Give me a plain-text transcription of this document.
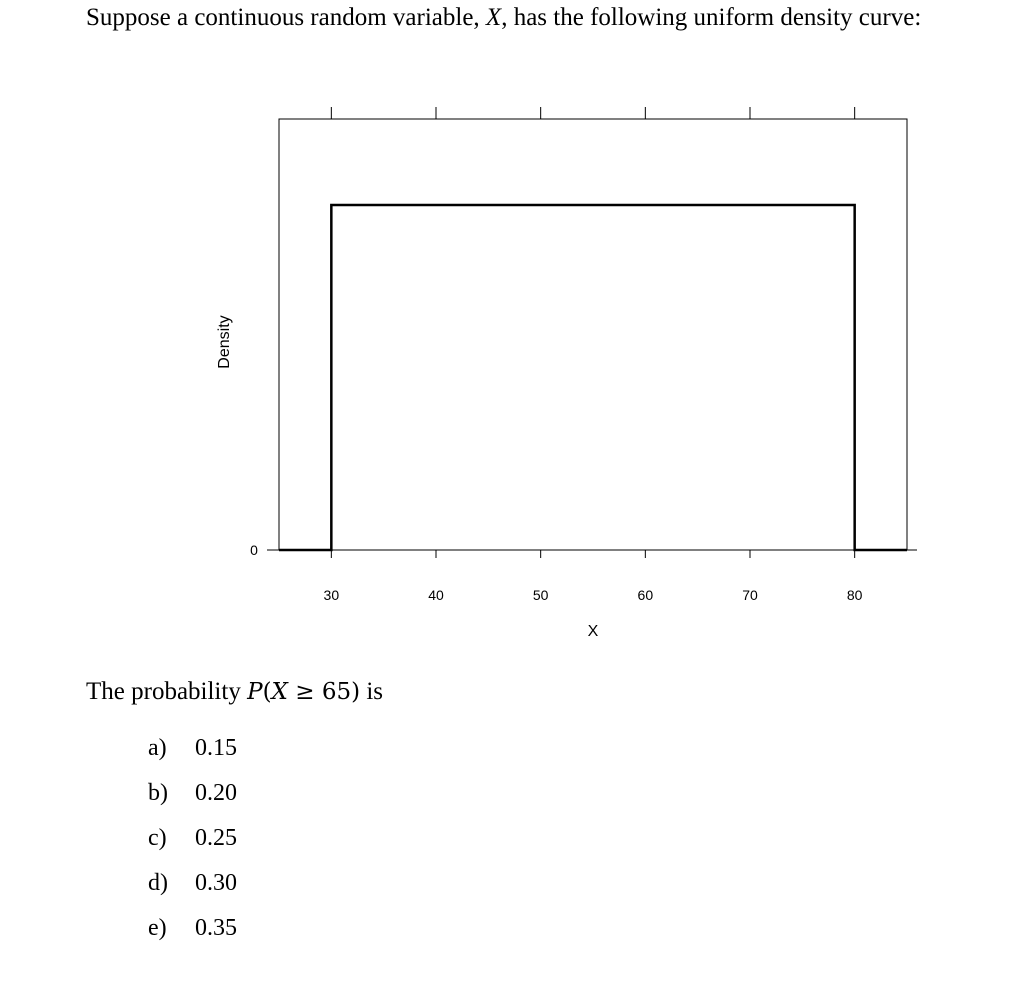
Suppose a continuous random variable, X, has the following uniform density curve:
30	40	50	60	70	80
0
X
Density
The probability P(X ≥ 65) is
a) 0.15
b) 0.20
c) 0.25
d) 0.30
e) 0.35
